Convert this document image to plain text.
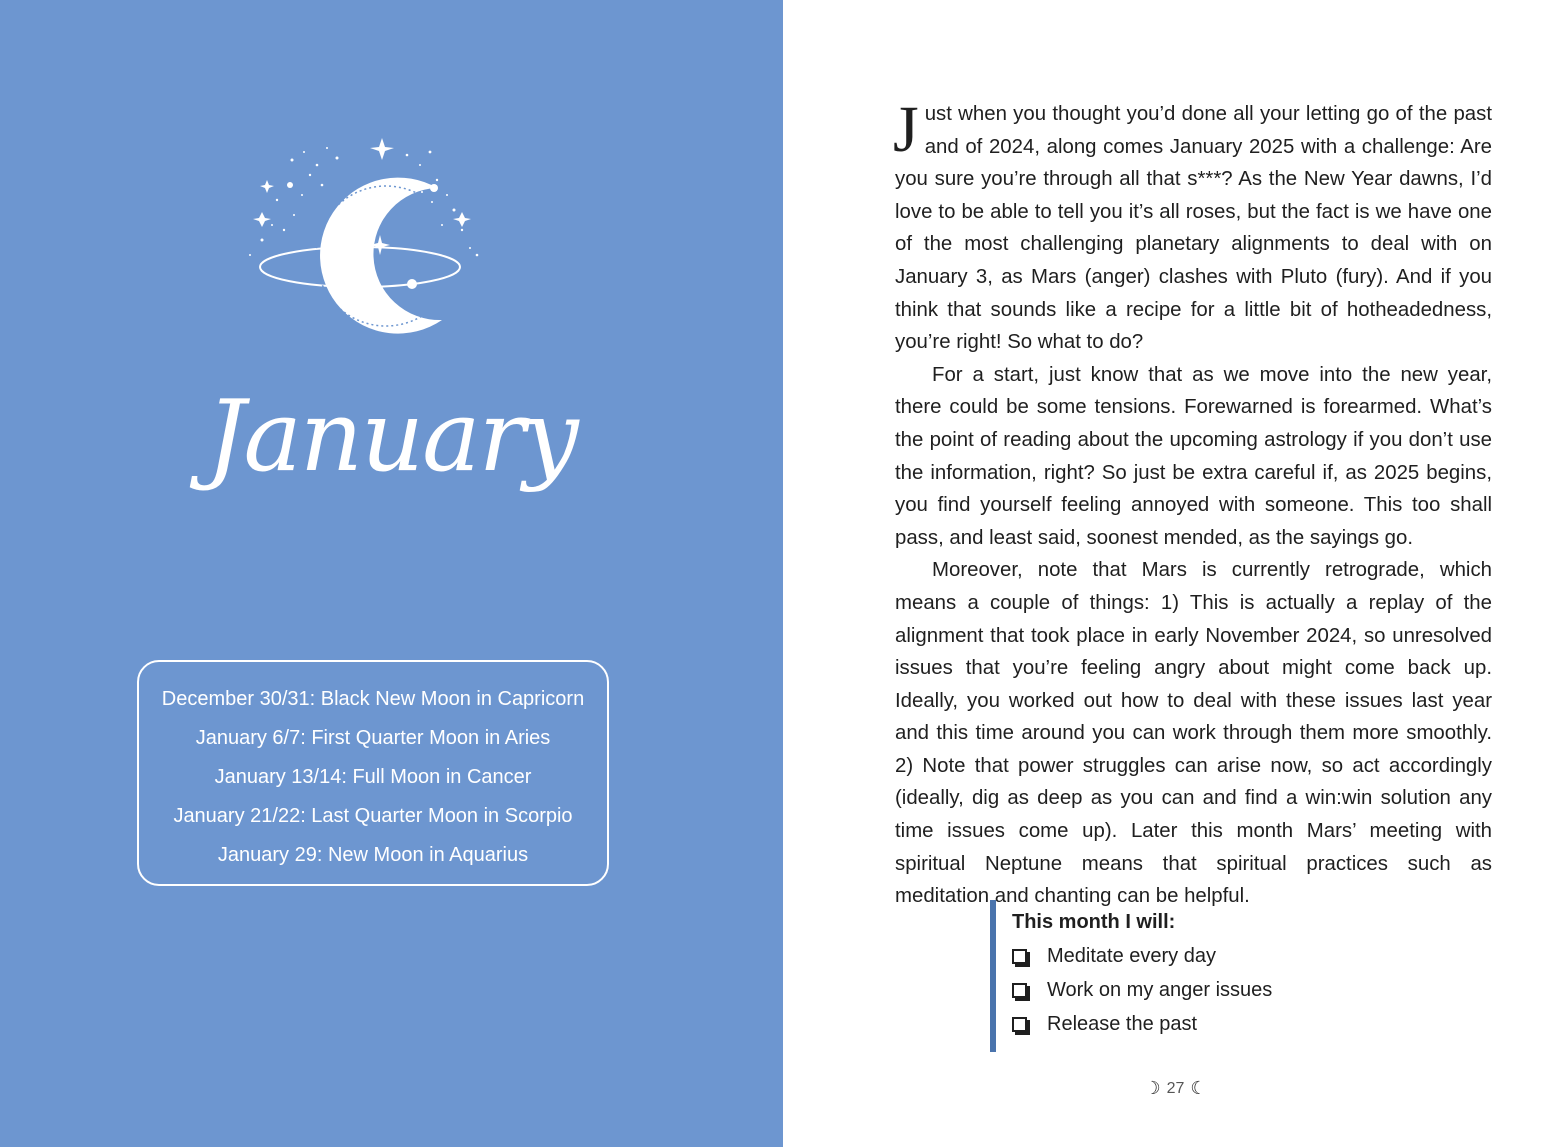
January
December 30/31: Black New Moon in Capricorn
January 6/7: First Quarter Moon in Aries
January 13/14: Full Moon in Cancer
January 21/22: Last Quarter Moon in Scorpio
January 29: New Moon in Aquarius

Just when you thought you’d done all your letting go of the past and of 2024, along comes January 2025 with a challenge: Are you sure you’re through all that s***? As the New Year dawns, I’d love to be able to tell you it’s all roses, but the fact is we have one of the most challenging planetary alignments to deal with on January 3, as Mars (anger) clashes with Pluto (fury). And if you think that sounds like a recipe for a little bit of hotheadedness, you’re right! So what to do?

For a start, just know that as we move into the new year, there could be some tensions. Forewarned is forearmed. What’s the point of reading about the upcoming astrology if you don’t use the information, right? So just be extra careful if, as 2025 begins, you find yourself feeling annoyed with someone. This too shall pass, and least said, soonest mended, as the sayings go.

Moreover, note that Mars is currently retrograde, which means a couple of things: 1) This is actually a replay of the alignment that took place in early November 2024, so unresolved issues that you’re feeling angry about might come back up. Ideally, you worked out how to deal with these issues last year and this time around you can work through them more smoothly. 2) Note that power struggles can arise now, so act accordingly (ideally, dig as deep as you can and find a win:win solution any time issues come up). Later this month Mars’ meeting with spiritual Neptune means that spiritual practices such as meditation and chanting can be helpful.

This month I will:
Meditate every day
Work on my anger issues
Release the past
☽ 27 ☾
